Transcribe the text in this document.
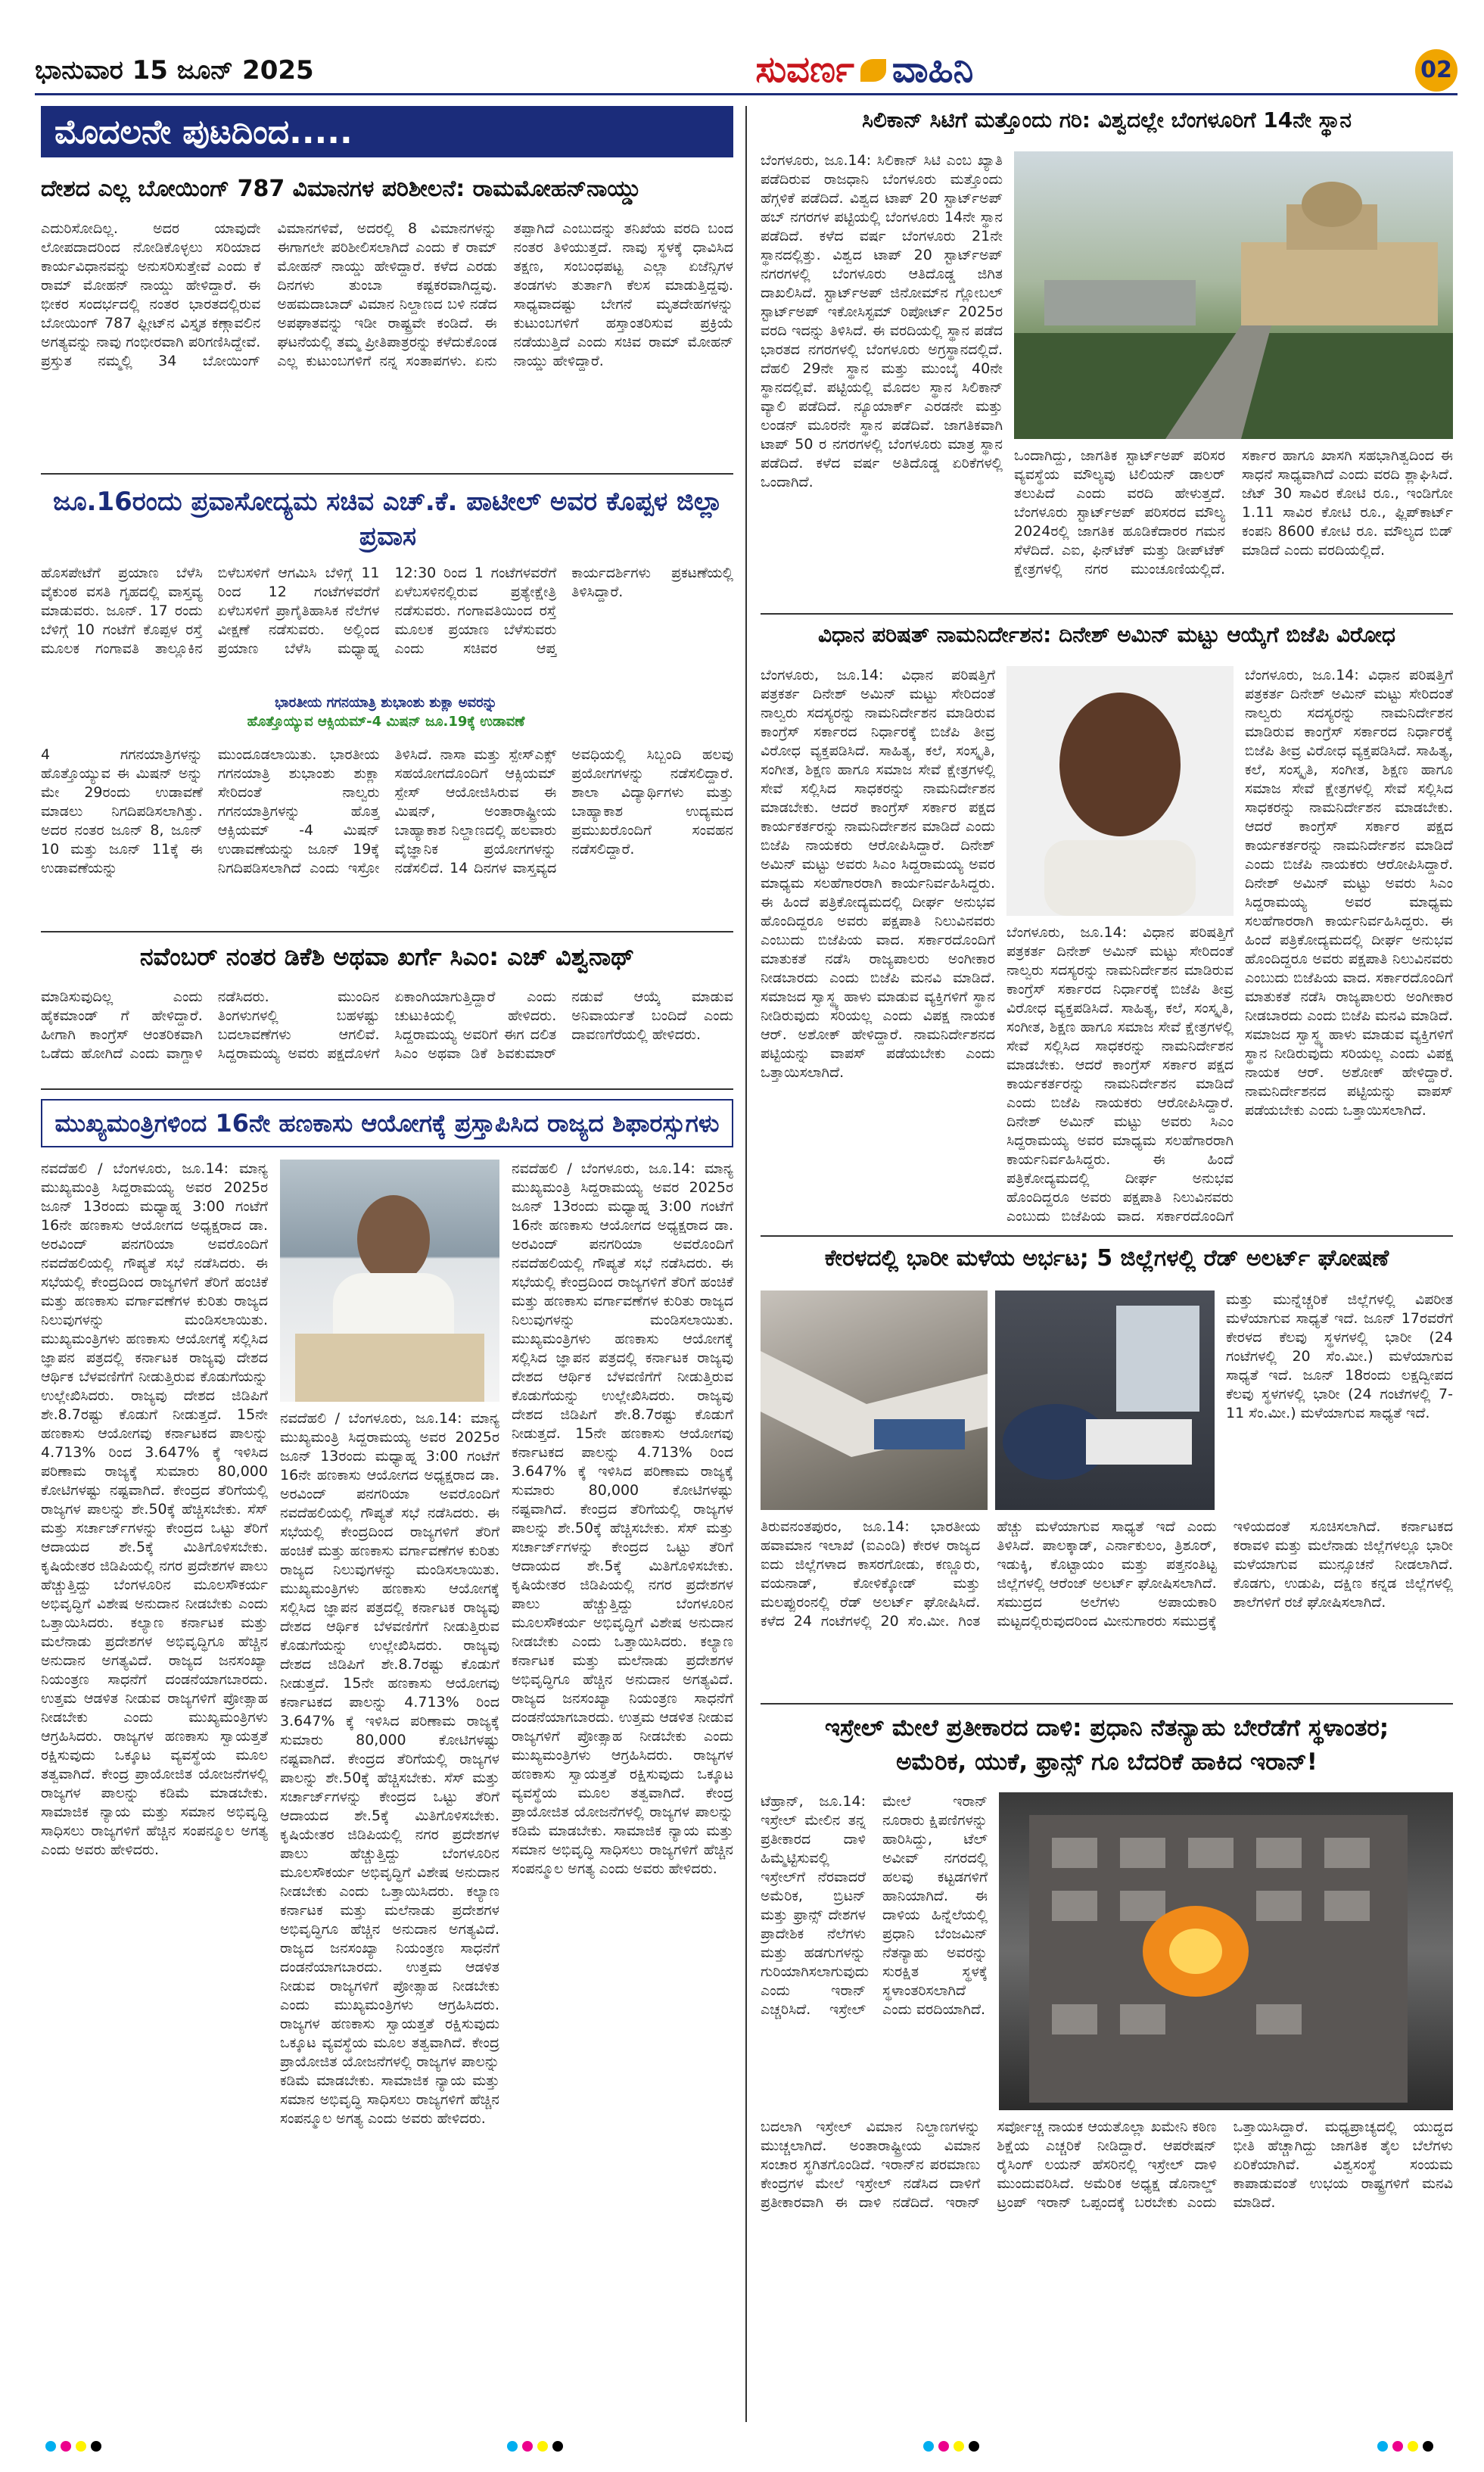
ಭಾನುವಾರ 15 ಜೂನ್ 2025	ಸುವರ್ಣ ವಾಹಿನಿ	02
ಮೊದಲನೇ ಪುಟದಿಂದ.....
ದೇಶದ ಎಲ್ಲ ಬೋಯಿಂಗ್ 787 ವಿಮಾನಗಳ ಪರಿಶೀಲನೆ: ರಾಮಮೋಹನ್‌ನಾಯ್ಡು
ಎದುರಿಸೋದಿಲ್ಲ. ಅದರ ಯಾವುದೇ ಲೋಪದಾದರಿಂದ ನೋಡಿಕೊಳ್ಳಲು ಸರಿಯಾದ ಕಾರ್ಯವಿಧಾನವನ್ನು ಅನುಸರಿಸುತ್ತೇವೆ ಎಂದು ಕೆ ರಾಮ್ ಮೋಹನ್ ನಾಯ್ಡು ಹೇಳಿದ್ದಾರೆ. ಈ ಭೀಕರ ಸಂದರ್ಭದಲ್ಲಿ ನಂತರ ಭಾರತದಲ್ಲಿರುವ ಬೋಯಿಂಗ್ 787 ಫ್ಲೀಟ್‌ನ ವಿಸ್ತೃತ ಕಣ್ಗಾವಲಿನ ಅಗತ್ಯವನ್ನು ನಾವು ಗಂಭೀರವಾಗಿ ಪರಿಗಣಿಸಿದ್ದೇವೆ. ಪ್ರಸ್ತುತ ನಮ್ಮಲ್ಲಿ 34 ಬೋಯಿಂಗ್ ವಿಮಾನಗಳಿವೆ, ಅದರಲ್ಲಿ 8 ವಿಮಾನಗಳನ್ನು ಈಗಾಗಲೇ ಪರಿಶೀಲಿಸಲಾಗಿದೆ ಎಂದು ಕೆ ರಾಮ್ ಮೋಹನ್ ನಾಯ್ಡು ಹೇಳಿದ್ದಾರೆ. ಕಳೆದ ಎರಡು ದಿನಗಳು ತುಂಬಾ ಕಷ್ಟಕರವಾಗಿದ್ದವು. ಅಹಮದಾಬಾದ್ ವಿಮಾನ ನಿಲ್ದಾಣದ ಬಳಿ ನಡೆದ ಅಪಘಾತವನ್ನು ಇಡೀ ರಾಷ್ಟ್ರವೇ ಕಂಡಿದೆ. ಈ ಘಟನೆಯಲ್ಲಿ ತಮ್ಮ ಪ್ರೀತಿಪಾತ್ರರನ್ನು ಕಳೆದುಕೊಂಡ ಎಲ್ಲ ಕುಟುಂಬಗಳಿಗೆ ನನ್ನ ಸಂತಾಪಗಳು. ಏನು ತಪ್ಪಾಗಿದೆ ಎಂಬುದನ್ನು ತನಿಖೆಯ ವರದಿ ಬಂದ ನಂತರ ತಿಳಿಯುತ್ತದೆ. ನಾವು ಸ್ಥಳಕ್ಕೆ ಧಾವಿಸಿದ ತಕ್ಷಣ, ಸಂಬಂಧಪಟ್ಟ ಎಲ್ಲಾ ಏಜೆನ್ಸಿಗಳ ತಂಡಗಳು ತುರ್ತಾಗಿ ಕೆಲಸ ಮಾಡುತ್ತಿದ್ದವು. ಸಾಧ್ಯವಾದಷ್ಟು ಬೇಗನೆ ಮೃತದೇಹಗಳನ್ನು ಕುಟುಂಬಗಳಿಗೆ ಹಸ್ತಾಂತರಿಸುವ ಪ್ರಕ್ರಿಯೆ ನಡೆಯುತ್ತಿದೆ ಎಂದು ಸಚಿವ ರಾಮ್ ಮೋಹನ್ ನಾಯ್ಡು ಹೇಳಿದ್ದಾರೆ.
ಜೂ.16ರಂದು ಪ್ರವಾಸೋದ್ಯಮ ಸಚಿವ ಎಚ್.ಕೆ. ಪಾಟೀಲ್ ಅವರ ಕೊಪ್ಪಳ ಜಿಲ್ಲಾ ಪ್ರವಾಸ
ಹೊಸಪೇಟೆಗೆ ಪ್ರಯಾಣ ಬೆಳೆಸಿ ವೈಕುಂಠ ವಸತಿ ಗೃಹದಲ್ಲಿ ವಾಸ್ತವ್ಯ ಮಾಡುವರು. ಜೂನ್. 17 ರಂದು ಬೆಳಿಗ್ಗೆ 10 ಗಂಟೆಗೆ ಕೊಪ್ಪಳ ರಸ್ತೆ ಮೂಲಕ ಗಂಗಾವತಿ ತಾಲ್ಲೂಕಿನ ಬಿಳೆಬಸಳಿಗೆ ಆಗಮಿಸಿ ಬೆಳಿಗ್ಗೆ 11 ರಿಂದ 12 ಗಂಟೆಗಳವರೆಗೆ ಏಳೆಬಸಳಿಗೆ ಪ್ರಾಗೈತಿಹಾಸಿಕ ನೆಲೆಗಳ ವೀಕ್ಷಣೆ ನಡೆಸುವರು. ಅಲ್ಲಿಂದ ಪ್ರಯಾಣ ಬೆಳೆಸಿ ಮಧ್ಯಾಹ್ನ 12:30 ರಿಂದ 1 ಗಂಟೆಗಳವರೆಗೆ ಏಳೆಬಸಳಿನಲ್ಲಿರುವ ಪ್ರತ್ಯೇಕ್ಷೇತ್ರಿ ನಡೆಸುವರು. ಗಂಗಾವತಿಯಿಂದ ರಸ್ತೆ ಮೂಲಕ ಪ್ರಯಾಣ ಬೆಳೆಸುವರು ಎಂದು ಸಚಿವರ ಆಪ್ತ ಕಾರ್ಯದರ್ಶಿಗಳು ಪ್ರಕಟಣೆಯಲ್ಲಿ ತಿಳಿಸಿದ್ದಾರೆ.
ಭಾರತೀಯ ಗಗನಯಾತ್ರಿ ಶುಭಾಂಶು ಶುಕ್ಲಾ ಅವರನ್ನು
ಹೊತ್ತೊಯ್ಯುವ ಆಕ್ಸಿಯಮ್-4 ಮಿಷನ್ ಜೂ.19ಕ್ಕೆ ಉಡಾವಣೆ
4 ಗಗನಯಾತ್ರಿಗಳನ್ನು ಹೊತ್ತೊಯ್ಯುವ ಈ ಮಿಷನ್ ಅನ್ನು ಮೇ 29ರಂದು ಉಡಾವಣೆ ಮಾಡಲು ನಿಗದಿಪಡಿಸಲಾಗಿತ್ತು. ಅದರ ನಂತರ ಜೂನ್ 8, ಜೂನ್ 10 ಮತ್ತು ಜೂನ್ 11ಕ್ಕೆ ಈ ಉಡಾವಣೆಯನ್ನು ಮುಂದೂಡಲಾಯಿತು. ಭಾರತೀಯ ಗಗನಯಾತ್ರಿ ಶುಭಾಂಶು ಶುಕ್ಲಾ ಸೇರಿದಂತೆ ನಾಲ್ವರು ಗಗನಯಾತ್ರಿಗಳನ್ನು ಹೊತ್ತ ಆಕ್ಸಿಯಮ್ -4 ಮಿಷನ್ ಉಡಾವಣೆಯನ್ನು ಜೂನ್ 19ಕ್ಕೆ ನಿಗದಿಪಡಿಸಲಾಗಿದೆ ಎಂದು ಇಸ್ರೋ ತಿಳಿಸಿದೆ. ನಾಸಾ ಮತ್ತು ಸ್ಪೇಸ್‌ಎಕ್ಸ್ ಸಹಯೋಗದೊಂದಿಗೆ ಆಕ್ಸಿಯಮ್ ಸ್ಪೇಸ್ ಆಯೋಜಿಸಿರುವ ಈ ಮಿಷನ್, ಅಂತಾರಾಷ್ಟ್ರೀಯ ಬಾಹ್ಯಾಕಾಶ ನಿಲ್ದಾಣದಲ್ಲಿ ಹಲವಾರು ವೈಜ್ಞಾನಿಕ ಪ್ರಯೋಗಗಳನ್ನು ನಡೆಸಲಿದೆ. 14 ದಿನಗಳ ವಾಸ್ತವ್ಯದ ಅವಧಿಯಲ್ಲಿ ಸಿಬ್ಬಂದಿ ಹಲವು ಪ್ರಯೋಗಗಳನ್ನು ನಡೆಸಲಿದ್ದಾರೆ. ಶಾಲಾ ವಿದ್ಯಾರ್ಥಿಗಳು ಮತ್ತು ಬಾಹ್ಯಾಕಾಶ ಉದ್ಯಮದ ಪ್ರಮುಖರೊಂದಿಗೆ ಸಂವಹನ ನಡೆಸಲಿದ್ದಾರೆ.
ನವೆಂಬರ್ ನಂತರ ಡಿಕೆಶಿ ಅಥವಾ ಖರ್ಗೆ ಸಿಎಂ: ಎಚ್ ವಿಶ್ವನಾಥ್
ಮಾಡಿಸುವುದಿಲ್ಲ ಎಂದು ಹೈಕಮಾಂಡ್ ಗೆ ಹೇಳಿದ್ದಾರೆ. ಹೀಗಾಗಿ ಕಾಂಗ್ರೆಸ್ ಆಂತರಿಕವಾಗಿ ಒಡೆದು ಹೋಗಿದೆ ಎಂದು ವಾಗ್ದಾಳಿ ನಡೆಸಿದರು. ಮುಂದಿನ ತಿಂಗಳುಗಳಲ್ಲಿ ಬಹಳಷ್ಟು ಬದಲಾವಣೆಗಳು ಆಗಲಿವೆ. ಸಿದ್ದರಾಮಯ್ಯ ಅವರು ಪಕ್ಷದೊಳಗೆ ಏಕಾಂಗಿಯಾಗುತ್ತಿದ್ದಾರೆ ಎಂದು ಚುಟುಕಿಯಲ್ಲಿ ಹೇಳಿದರು. ಸಿದ್ದರಾಮಯ್ಯ ಅವರಿಗೆ ಈಗ ದಲಿತ ಸಿಎಂ ಅಥವಾ ಡಿಕೆ ಶಿವಕುಮಾರ್ ನಡುವೆ ಆಯ್ಕೆ ಮಾಡುವ ಅನಿವಾರ್ಯತೆ ಬಂದಿದೆ ಎಂದು ದಾವಣಗೆರೆಯಲ್ಲಿ ಹೇಳಿದರು.
ಮುಖ್ಯಮಂತ್ರಿಗಳಿಂದ 16ನೇ ಹಣಕಾಸು ಆಯೋಗಕ್ಕೆ ಪ್ರಸ್ತಾಪಿಸಿದ ರಾಜ್ಯದ ಶಿಫಾರಸ್ಸುಗಳು
ನವದೆಹಲಿ / ಬೆಂಗಳೂರು, ಜೂ.14: ಮಾನ್ಯ ಮುಖ್ಯಮಂತ್ರಿ ಸಿದ್ದರಾಮಯ್ಯ ಅವರ 2025ರ ಜೂನ್ 13ರಂದು ಮಧ್ಯಾಹ್ನ 3:00 ಗಂಟೆಗೆ 16ನೇ ಹಣಕಾಸು ಆಯೋಗದ ಅಧ್ಯಕ್ಷರಾದ ಡಾ. ಅರವಿಂದ್ ಪನಗರಿಯಾ ಅವರೊಂದಿಗೆ ನವದೆಹಲಿಯಲ್ಲಿ ಗೌಪ್ಯತೆ ಸಭೆ ನಡೆಸಿದರು. ಈ ಸಭೆಯಲ್ಲಿ ಕೇಂದ್ರದಿಂದ ರಾಜ್ಯಗಳಿಗೆ ತೆರಿಗೆ ಹಂಚಿಕೆ ಮತ್ತು ಹಣಕಾಸು ವರ್ಗಾವಣೆಗಳ ಕುರಿತು ರಾಜ್ಯದ ನಿಲುವುಗಳನ್ನು ಮಂಡಿಸಲಾಯಿತು. ಮುಖ್ಯಮಂತ್ರಿಗಳು ಹಣಕಾಸು ಆಯೋಗಕ್ಕೆ ಸಲ್ಲಿಸಿದ ಜ್ಞಾಪನ ಪತ್ರದಲ್ಲಿ ಕರ್ನಾಟಕ ರಾಜ್ಯವು ದೇಶದ ಆರ್ಥಿಕ ಬೆಳವಣಿಗೆಗೆ ನೀಡುತ್ತಿರುವ ಕೊಡುಗೆಯನ್ನು ಉಲ್ಲೇಖಿಸಿದರು. ರಾಜ್ಯವು ದೇಶದ ಜಿಡಿಪಿಗೆ ಶೇ.8.7ರಷ್ಟು ಕೊಡುಗೆ ನೀಡುತ್ತದೆ. 15ನೇ ಹಣಕಾಸು ಆಯೋಗವು ಕರ್ನಾಟಕದ ಪಾಲನ್ನು 4.713% ರಿಂದ 3.647% ಕ್ಕೆ ಇಳಿಸಿದ ಪರಿಣಾಮ ರಾಜ್ಯಕ್ಕೆ ಸುಮಾರು 80,000 ಕೋಟಿಗಳಷ್ಟು ನಷ್ಟವಾಗಿದೆ. ಕೇಂದ್ರದ ತೆರಿಗೆಯಲ್ಲಿ ರಾಜ್ಯಗಳ ಪಾಲನ್ನು ಶೇ.50ಕ್ಕೆ ಹೆಚ್ಚಿಸಬೇಕು. ಸೆಸ್ ಮತ್ತು ಸರ್ಚಾರ್ಜ್‌ಗಳನ್ನು ಕೇಂದ್ರದ ಒಟ್ಟು ತೆರಿಗೆ ಆದಾಯದ ಶೇ.5ಕ್ಕೆ ಮಿತಿಗೊಳಿಸಬೇಕು. ಕೃಷಿಯೇತರ ಜಿಡಿಪಿಯಲ್ಲಿ ನಗರ ಪ್ರದೇಶಗಳ ಪಾಲು ಹೆಚ್ಚುತ್ತಿದ್ದು ಬೆಂಗಳೂರಿನ ಮೂಲಸೌಕರ್ಯ ಅಭಿವೃದ್ಧಿಗೆ ವಿಶೇಷ ಅನುದಾನ ನೀಡಬೇಕು ಎಂದು ಒತ್ತಾಯಿಸಿದರು. ಕಲ್ಯಾಣ ಕರ್ನಾಟಕ ಮತ್ತು ಮಲೆನಾಡು ಪ್ರದೇಶಗಳ ಅಭಿವೃದ್ಧಿಗೂ ಹೆಚ್ಚಿನ ಅನುದಾನ ಅಗತ್ಯವಿದೆ. ರಾಜ್ಯದ ಜನಸಂಖ್ಯಾ ನಿಯಂತ್ರಣ ಸಾಧನೆಗೆ ದಂಡನೆಯಾಗಬಾರದು. ಉತ್ತಮ ಆಡಳಿತ ನೀಡುವ ರಾಜ್ಯಗಳಿಗೆ ಪ್ರೋತ್ಸಾಹ ನೀಡಬೇಕು ಎಂದು ಮುಖ್ಯಮಂತ್ರಿಗಳು ಆಗ್ರಹಿಸಿದರು. ರಾಜ್ಯಗಳ ಹಣಕಾಸು ಸ್ವಾಯತ್ತತೆ ರಕ್ಷಿಸುವುದು ಒಕ್ಕೂಟ ವ್ಯವಸ್ಥೆಯ ಮೂಲ ತತ್ವವಾಗಿದೆ. ಕೇಂದ್ರ ಪ್ರಾಯೋಜಿತ ಯೋಜನೆಗಳಲ್ಲಿ ರಾಜ್ಯಗಳ ಪಾಲನ್ನು ಕಡಿಮೆ ಮಾಡಬೇಕು. ಸಾಮಾಜಿಕ ನ್ಯಾಯ ಮತ್ತು ಸಮಾನ ಅಭಿವೃದ್ಧಿ ಸಾಧಿಸಲು ರಾಜ್ಯಗಳಿಗೆ ಹೆಚ್ಚಿನ ಸಂಪನ್ಮೂಲ ಅಗತ್ಯ ಎಂದು ಅವರು ಹೇಳಿದರು.
ನವದೆಹಲಿ / ಬೆಂಗಳೂರು, ಜೂ.14: ಮಾನ್ಯ ಮುಖ್ಯಮಂತ್ರಿ ಸಿದ್ದರಾಮಯ್ಯ ಅವರ 2025ರ ಜೂನ್ 13ರಂದು ಮಧ್ಯಾಹ್ನ 3:00 ಗಂಟೆಗೆ 16ನೇ ಹಣಕಾಸು ಆಯೋಗದ ಅಧ್ಯಕ್ಷರಾದ ಡಾ. ಅರವಿಂದ್ ಪನಗರಿಯಾ ಅವರೊಂದಿಗೆ ನವದೆಹಲಿಯಲ್ಲಿ ಗೌಪ್ಯತೆ ಸಭೆ ನಡೆಸಿದರು. ಈ ಸಭೆಯಲ್ಲಿ ಕೇಂದ್ರದಿಂದ ರಾಜ್ಯಗಳಿಗೆ ತೆರಿಗೆ ಹಂಚಿಕೆ ಮತ್ತು ಹಣಕಾಸು ವರ್ಗಾವಣೆಗಳ ಕುರಿತು ರಾಜ್ಯದ ನಿಲುವುಗಳನ್ನು ಮಂಡಿಸಲಾಯಿತು. ಮುಖ್ಯಮಂತ್ರಿಗಳು ಹಣಕಾಸು ಆಯೋಗಕ್ಕೆ ಸಲ್ಲಿಸಿದ ಜ್ಞಾಪನ ಪತ್ರದಲ್ಲಿ ಕರ್ನಾಟಕ ರಾಜ್ಯವು ದೇಶದ ಆರ್ಥಿಕ ಬೆಳವಣಿಗೆಗೆ ನೀಡುತ್ತಿರುವ ಕೊಡುಗೆಯನ್ನು ಉಲ್ಲೇಖಿಸಿದರು. ರಾಜ್ಯವು ದೇಶದ ಜಿಡಿಪಿಗೆ ಶೇ.8.7ರಷ್ಟು ಕೊಡುಗೆ ನೀಡುತ್ತದೆ. 15ನೇ ಹಣಕಾಸು ಆಯೋಗವು ಕರ್ನಾಟಕದ ಪಾಲನ್ನು 4.713% ರಿಂದ 3.647% ಕ್ಕೆ ಇಳಿಸಿದ ಪರಿಣಾಮ ರಾಜ್ಯಕ್ಕೆ ಸುಮಾರು 80,000 ಕೋಟಿಗಳಷ್ಟು ನಷ್ಟವಾಗಿದೆ. ಕೇಂದ್ರದ ತೆರಿಗೆಯಲ್ಲಿ ರಾಜ್ಯಗಳ ಪಾಲನ್ನು ಶೇ.50ಕ್ಕೆ ಹೆಚ್ಚಿಸಬೇಕು. ಸೆಸ್ ಮತ್ತು ಸರ್ಚಾರ್ಜ್‌ಗಳನ್ನು ಕೇಂದ್ರದ ಒಟ್ಟು ತೆರಿಗೆ ಆದಾಯದ ಶೇ.5ಕ್ಕೆ ಮಿತಿಗೊಳಿಸಬೇಕು. ಕೃಷಿಯೇತರ ಜಿಡಿಪಿಯಲ್ಲಿ ನಗರ ಪ್ರದೇಶಗಳ ಪಾಲು ಹೆಚ್ಚುತ್ತಿದ್ದು ಬೆಂಗಳೂರಿನ ಮೂಲಸೌಕರ್ಯ ಅಭಿವೃದ್ಧಿಗೆ ವಿಶೇಷ ಅನುದಾನ ನೀಡಬೇಕು ಎಂದು ಒತ್ತಾಯಿಸಿದರು. ಕಲ್ಯಾಣ ಕರ್ನಾಟಕ ಮತ್ತು ಮಲೆನಾಡು ಪ್ರದೇಶಗಳ ಅಭಿವೃದ್ಧಿಗೂ ಹೆಚ್ಚಿನ ಅನುದಾನ ಅಗತ್ಯವಿದೆ. ರಾಜ್ಯದ ಜನಸಂಖ್ಯಾ ನಿಯಂತ್ರಣ ಸಾಧನೆಗೆ ದಂಡನೆಯಾಗಬಾರದು. ಉತ್ತಮ ಆಡಳಿತ ನೀಡುವ ರಾಜ್ಯಗಳಿಗೆ ಪ್ರೋತ್ಸಾಹ ನೀಡಬೇಕು ಎಂದು ಮುಖ್ಯಮಂತ್ರಿಗಳು ಆಗ್ರಹಿಸಿದರು. ರಾಜ್ಯಗಳ ಹಣಕಾಸು ಸ್ವಾಯತ್ತತೆ ರಕ್ಷಿಸುವುದು ಒಕ್ಕೂಟ ವ್ಯವಸ್ಥೆಯ ಮೂಲ ತತ್ವವಾಗಿದೆ. ಕೇಂದ್ರ ಪ್ರಾಯೋಜಿತ ಯೋಜನೆಗಳಲ್ಲಿ ರಾಜ್ಯಗಳ ಪಾಲನ್ನು ಕಡಿಮೆ ಮಾಡಬೇಕು. ಸಾಮಾಜಿಕ ನ್ಯಾಯ ಮತ್ತು ಸಮಾನ ಅಭಿವೃದ್ಧಿ ಸಾಧಿಸಲು ರಾಜ್ಯಗಳಿಗೆ ಹೆಚ್ಚಿನ ಸಂಪನ್ಮೂಲ ಅಗತ್ಯ ಎಂದು ಅವರು ಹೇಳಿದರು.
ನವದೆಹಲಿ / ಬೆಂಗಳೂರು, ಜೂ.14: ಮಾನ್ಯ ಮುಖ್ಯಮಂತ್ರಿ ಸಿದ್ದರಾಮಯ್ಯ ಅವರ 2025ರ ಜೂನ್ 13ರಂದು ಮಧ್ಯಾಹ್ನ 3:00 ಗಂಟೆಗೆ 16ನೇ ಹಣಕಾಸು ಆಯೋಗದ ಅಧ್ಯಕ್ಷರಾದ ಡಾ. ಅರವಿಂದ್ ಪನಗರಿಯಾ ಅವರೊಂದಿಗೆ ನವದೆಹಲಿಯಲ್ಲಿ ಗೌಪ್ಯತೆ ಸಭೆ ನಡೆಸಿದರು. ಈ ಸಭೆಯಲ್ಲಿ ಕೇಂದ್ರದಿಂದ ರಾಜ್ಯಗಳಿಗೆ ತೆರಿಗೆ ಹಂಚಿಕೆ ಮತ್ತು ಹಣಕಾಸು ವರ್ಗಾವಣೆಗಳ ಕುರಿತು ರಾಜ್ಯದ ನಿಲುವುಗಳನ್ನು ಮಂಡಿಸಲಾಯಿತು. ಮುಖ್ಯಮಂತ್ರಿಗಳು ಹಣಕಾಸು ಆಯೋಗಕ್ಕೆ ಸಲ್ಲಿಸಿದ ಜ್ಞಾಪನ ಪತ್ರದಲ್ಲಿ ಕರ್ನಾಟಕ ರಾಜ್ಯವು ದೇಶದ ಆರ್ಥಿಕ ಬೆಳವಣಿಗೆಗೆ ನೀಡುತ್ತಿರುವ ಕೊಡುಗೆಯನ್ನು ಉಲ್ಲೇಖಿಸಿದರು. ರಾಜ್ಯವು ದೇಶದ ಜಿಡಿಪಿಗೆ ಶೇ.8.7ರಷ್ಟು ಕೊಡುಗೆ ನೀಡುತ್ತದೆ. 15ನೇ ಹಣಕಾಸು ಆಯೋಗವು ಕರ್ನಾಟಕದ ಪಾಲನ್ನು 4.713% ರಿಂದ 3.647% ಕ್ಕೆ ಇಳಿಸಿದ ಪರಿಣಾಮ ರಾಜ್ಯಕ್ಕೆ ಸುಮಾರು 80,000 ಕೋಟಿಗಳಷ್ಟು ನಷ್ಟವಾಗಿದೆ. ಕೇಂದ್ರದ ತೆರಿಗೆಯಲ್ಲಿ ರಾಜ್ಯಗಳ ಪಾಲನ್ನು ಶೇ.50ಕ್ಕೆ ಹೆಚ್ಚಿಸಬೇಕು. ಸೆಸ್ ಮತ್ತು ಸರ್ಚಾರ್ಜ್‌ಗಳನ್ನು ಕೇಂದ್ರದ ಒಟ್ಟು ತೆರಿಗೆ ಆದಾಯದ ಶೇ.5ಕ್ಕೆ ಮಿತಿಗೊಳಿಸಬೇಕು. ಕೃಷಿಯೇತರ ಜಿಡಿಪಿಯಲ್ಲಿ ನಗರ ಪ್ರದೇಶಗಳ ಪಾಲು ಹೆಚ್ಚುತ್ತಿದ್ದು ಬೆಂಗಳೂರಿನ ಮೂಲಸೌಕರ್ಯ ಅಭಿವೃದ್ಧಿಗೆ ವಿಶೇಷ ಅನುದಾನ ನೀಡಬೇಕು ಎಂದು ಒತ್ತಾಯಿಸಿದರು. ಕಲ್ಯಾಣ ಕರ್ನಾಟಕ ಮತ್ತು ಮಲೆನಾಡು ಪ್ರದೇಶಗಳ ಅಭಿವೃದ್ಧಿಗೂ ಹೆಚ್ಚಿನ ಅನುದಾನ ಅಗತ್ಯವಿದೆ. ರಾಜ್ಯದ ಜನಸಂಖ್ಯಾ ನಿಯಂತ್ರಣ ಸಾಧನೆಗೆ ದಂಡನೆಯಾಗಬಾರದು. ಉತ್ತಮ ಆಡಳಿತ ನೀಡುವ ರಾಜ್ಯಗಳಿಗೆ ಪ್ರೋತ್ಸಾಹ ನೀಡಬೇಕು ಎಂದು ಮುಖ್ಯಮಂತ್ರಿಗಳು ಆಗ್ರಹಿಸಿದರು. ರಾಜ್ಯಗಳ ಹಣಕಾಸು ಸ್ವಾಯತ್ತತೆ ರಕ್ಷಿಸುವುದು ಒಕ್ಕೂಟ ವ್ಯವಸ್ಥೆಯ ಮೂಲ ತತ್ವವಾಗಿದೆ. ಕೇಂದ್ರ ಪ್ರಾಯೋಜಿತ ಯೋಜನೆಗಳಲ್ಲಿ ರಾಜ್ಯಗಳ ಪಾಲನ್ನು ಕಡಿಮೆ ಮಾಡಬೇಕು. ಸಾಮಾಜಿಕ ನ್ಯಾಯ ಮತ್ತು ಸಮಾನ ಅಭಿವೃದ್ಧಿ ಸಾಧಿಸಲು ರಾಜ್ಯಗಳಿಗೆ ಹೆಚ್ಚಿನ ಸಂಪನ್ಮೂಲ ಅಗತ್ಯ ಎಂದು ಅವರು ಹೇಳಿದರು.
ಸಿಲಿಕಾನ್ ಸಿಟಿಗೆ ಮತ್ತೊಂದು ಗರಿ: ವಿಶ್ವದಲ್ಲೇ ಬೆಂಗಳೂರಿಗೆ 14ನೇ ಸ್ಥಾನ
ಬೆಂಗಳೂರು, ಜೂ.14: ಸಿಲಿಕಾನ್ ಸಿಟಿ ಎಂಬ ಖ್ಯಾತಿ ಪಡೆದಿರುವ ರಾಜಧಾನಿ ಬೆಂಗಳೂರು ಮತ್ತೊಂದು ಹೆಗ್ಗಳಿಕೆ ಪಡೆದಿದೆ. ವಿಶ್ವದ ಟಾಪ್ 20 ಸ್ಟಾರ್ಟ್‌ಅಪ್ ಹಬ್ ನಗರಗಳ ಪಟ್ಟಿಯಲ್ಲಿ ಬೆಂಗಳೂರು 14ನೇ ಸ್ಥಾನ ಪಡೆದಿದೆ. ಕಳೆದ ವರ್ಷ ಬೆಂಗಳೂರು 21ನೇ ಸ್ಥಾನದಲ್ಲಿತ್ತು. ವಿಶ್ವದ ಟಾಪ್ 20 ಸ್ಟಾರ್ಟ್‌ಅಪ್ ನಗರಗಳಲ್ಲಿ ಬೆಂಗಳೂರು ಆತಿದೊಡ್ಡ ಜಿಗಿತ ದಾಖಲಿಸಿದೆ. ಸ್ಟಾರ್ಟ್‌ಅಪ್ ಜಿನೋಮ್‌ನ ಗ್ಲೋಬಲ್ ಸ್ಟಾರ್ಟ್‌ಅಪ್ ಇಕೋಸಿಸ್ಟಮ್ ರಿಪೋರ್ಟ್ 2025ರ ವರದಿ ಇದನ್ನು ತಿಳಿಸಿದೆ. ಈ ವರದಿಯಲ್ಲಿ ಸ್ಥಾನ ಪಡೆದ ಭಾರತದ ನಗರಗಳಲ್ಲಿ ಬೆಂಗಳೂರು ಅಗ್ರಸ್ಥಾನದಲ್ಲಿದೆ. ದೆಹಲಿ 29ನೇ ಸ್ಥಾನ ಮತ್ತು ಮುಂಬೈ 40ನೇ ಸ್ಥಾನದಲ್ಲಿವೆ. ಪಟ್ಟಿಯಲ್ಲಿ ಮೊದಲ ಸ್ಥಾನ ಸಿಲಿಕಾನ್ ವ್ಯಾಲಿ ಪಡೆದಿದೆ. ನ್ಯೂಯಾರ್ಕ್ ಎರಡನೇ ಮತ್ತು ಲಂಡನ್ ಮೂರನೇ ಸ್ಥಾನ ಪಡೆದಿವೆ. ಜಾಗತಿಕವಾಗಿ ಟಾಪ್ 50 ರ ನಗರಗಳಲ್ಲಿ ಬೆಂಗಳೂರು ಮಾತ್ರ ಸ್ಥಾನ ಪಡೆದಿದೆ. ಕಳೆದ ವರ್ಷ ಅತಿದೊಡ್ಡ ಏರಿಕೆಗಳಲ್ಲಿ ಒಂದಾಗಿದೆ.
ಒಂದಾಗಿದ್ದು, ಜಾಗತಿಕ ಸ್ಟಾರ್ಟ್‌ಅಪ್ ಪರಿಸರ ವ್ಯವಸ್ಥೆಯ ಮೌಲ್ಯವು ಟಿಲಿಯನ್ ಡಾಲರ್ ತಲುಪಿದೆ ಎಂದು ವರದಿ ಹೇಳುತ್ತದೆ. ಬೆಂಗಳೂರು ಸ್ಟಾರ್ಟ್‌ಅಪ್ ಪರಿಸರದ ಮೌಲ್ಯ 2024ರಲ್ಲಿ ಜಾಗತಿಕ ಹೂಡಿಕೆದಾರರ ಗಮನ ಸೆಳೆದಿದೆ. ಎಐ, ಫಿನ್‌ಟೆಕ್ ಮತ್ತು ಡೀಪ್‌ಟೆಕ್ ಕ್ಷೇತ್ರಗಳಲ್ಲಿ ನಗರ ಮುಂಚೂಣಿಯಲ್ಲಿದೆ. ಸರ್ಕಾರ ಹಾಗೂ ಖಾಸಗಿ ಸಹಭಾಗಿತ್ವದಿಂದ ಈ ಸಾಧನೆ ಸಾಧ್ಯವಾಗಿದೆ ಎಂದು ವರದಿ ಶ್ಲಾಘಿಸಿದೆ. ಜೆಟ್ 30 ಸಾವಿರ ಕೋಟಿ ರೂ., ಇಂಡಿಗೋ 1.11 ಸಾವಿರ ಕೋಟಿ ರೂ., ಫ್ಲಿಪ್‌ಕಾರ್ಟ್ ಕಂಪನಿ 8600 ಕೋಟಿ ರೂ. ಮೌಲ್ಯದ ಬಿಡ್ ಮಾಡಿದೆ ಎಂದು ವರದಿಯಲ್ಲಿದೆ.
ವಿಧಾನ ಪರಿಷತ್ ನಾಮನಿರ್ದೇಶನ: ದಿನೇಶ್ ಅಮಿನ್ ಮಟ್ಟು ಆಯ್ಕೆಗೆ ಬಿಜೆಪಿ ವಿರೋಧ
ಬೆಂಗಳೂರು, ಜೂ.14: ವಿಧಾನ ಪರಿಷತ್ತಿಗೆ ಪತ್ರಕರ್ತ ದಿನೇಶ್ ಅಮಿನ್ ಮಟ್ಟು ಸೇರಿದಂತೆ ನಾಲ್ವರು ಸದಸ್ಯರನ್ನು ನಾಮನಿರ್ದೇಶನ ಮಾಡಿರುವ ಕಾಂಗ್ರೆಸ್ ಸರ್ಕಾರದ ನಿರ್ಧಾರಕ್ಕೆ ಬಿಜೆಪಿ ತೀವ್ರ ವಿರೋಧ ವ್ಯಕ್ತಪಡಿಸಿದೆ. ಸಾಹಿತ್ಯ, ಕಲೆ, ಸಂಸ್ಕೃತಿ, ಸಂಗೀತ, ಶಿಕ್ಷಣ ಹಾಗೂ ಸಮಾಜ ಸೇವೆ ಕ್ಷೇತ್ರಗಳಲ್ಲಿ ಸೇವೆ ಸಲ್ಲಿಸಿದ ಸಾಧಕರನ್ನು ನಾಮನಿರ್ದೇಶನ ಮಾಡಬೇಕು. ಆದರೆ ಕಾಂಗ್ರೆಸ್ ಸರ್ಕಾರ ಪಕ್ಷದ ಕಾರ್ಯಕರ್ತರನ್ನು ನಾಮನಿರ್ದೇಶನ ಮಾಡಿದೆ ಎಂದು ಬಿಜೆಪಿ ನಾಯಕರು ಆರೋಪಿಸಿದ್ದಾರೆ. ದಿನೇಶ್ ಅಮಿನ್ ಮಟ್ಟು ಅವರು ಸಿಎಂ ಸಿದ್ದರಾಮಯ್ಯ ಅವರ ಮಾಧ್ಯಮ ಸಲಹೆಗಾರರಾಗಿ ಕಾರ್ಯನಿರ್ವಹಿಸಿದ್ದರು. ಈ ಹಿಂದೆ ಪತ್ರಿಕೋದ್ಯಮದಲ್ಲಿ ದೀರ್ಘ ಅನುಭವ ಹೊಂದಿದ್ದರೂ ಅವರು ಪಕ್ಷಪಾತಿ ನಿಲುವಿನವರು ಎಂಬುದು ಬಿಜೆಪಿಯ ವಾದ. ಸರ್ಕಾರದೊಂದಿಗೆ ಮಾತುಕತೆ ನಡೆಸಿ ರಾಜ್ಯಪಾಲರು ಅಂಗೀಕಾರ ನೀಡಬಾರದು ಎಂದು ಬಿಜೆಪಿ ಮನವಿ ಮಾಡಿದೆ. ಸಮಾಜದ ಸ್ವಾಸ್ಥ್ಯ ಹಾಳು ಮಾಡುವ ವ್ಯಕ್ತಿಗಳಿಗೆ ಸ್ಥಾನ ನೀಡಿರುವುದು ಸರಿಯಲ್ಲ ಎಂದು ವಿಪಕ್ಷ ನಾಯಕ ಆರ್. ಅಶೋಕ್ ಹೇಳಿದ್ದಾರೆ. ನಾಮನಿರ್ದೇಶನದ ಪಟ್ಟಿಯನ್ನು ವಾಪಸ್ ಪಡೆಯಬೇಕು ಎಂದು ಒತ್ತಾಯಿಸಲಾಗಿದೆ.
ಬೆಂಗಳೂರು, ಜೂ.14: ವಿಧಾನ ಪರಿಷತ್ತಿಗೆ ಪತ್ರಕರ್ತ ದಿನೇಶ್ ಅಮಿನ್ ಮಟ್ಟು ಸೇರಿದಂತೆ ನಾಲ್ವರು ಸದಸ್ಯರನ್ನು ನಾಮನಿರ್ದೇಶನ ಮಾಡಿರುವ ಕಾಂಗ್ರೆಸ್ ಸರ್ಕಾರದ ನಿರ್ಧಾರಕ್ಕೆ ಬಿಜೆಪಿ ತೀವ್ರ ವಿರೋಧ ವ್ಯಕ್ತಪಡಿಸಿದೆ. ಸಾಹಿತ್ಯ, ಕಲೆ, ಸಂಸ್ಕೃತಿ, ಸಂಗೀತ, ಶಿಕ್ಷಣ ಹಾಗೂ ಸಮಾಜ ಸೇವೆ ಕ್ಷೇತ್ರಗಳಲ್ಲಿ ಸೇವೆ ಸಲ್ಲಿಸಿದ ಸಾಧಕರನ್ನು ನಾಮನಿರ್ದೇಶನ ಮಾಡಬೇಕು. ಆದರೆ ಕಾಂಗ್ರೆಸ್ ಸರ್ಕಾರ ಪಕ್ಷದ ಕಾರ್ಯಕರ್ತರನ್ನು ನಾಮನಿರ್ದೇಶನ ಮಾಡಿದೆ ಎಂದು ಬಿಜೆಪಿ ನಾಯಕರು ಆರೋಪಿಸಿದ್ದಾರೆ. ದಿನೇಶ್ ಅಮಿನ್ ಮಟ್ಟು ಅವರು ಸಿಎಂ ಸಿದ್ದರಾಮಯ್ಯ ಅವರ ಮಾಧ್ಯಮ ಸಲಹೆಗಾರರಾಗಿ ಕಾರ್ಯನಿರ್ವಹಿಸಿದ್ದರು. ಈ ಹಿಂದೆ ಪತ್ರಿಕೋದ್ಯಮದಲ್ಲಿ ದೀರ್ಘ ಅನುಭವ ಹೊಂದಿದ್ದರೂ ಅವರು ಪಕ್ಷಪಾತಿ ನಿಲುವಿನವರು ಎಂಬುದು ಬಿಜೆಪಿಯ ವಾದ. ಸರ್ಕಾರದೊಂದಿಗೆ
ಬೆಂಗಳೂರು, ಜೂ.14: ವಿಧಾನ ಪರಿಷತ್ತಿಗೆ ಪತ್ರಕರ್ತ ದಿನೇಶ್ ಅಮಿನ್ ಮಟ್ಟು ಸೇರಿದಂತೆ ನಾಲ್ವರು ಸದಸ್ಯರನ್ನು ನಾಮನಿರ್ದೇಶನ ಮಾಡಿರುವ ಕಾಂಗ್ರೆಸ್ ಸರ್ಕಾರದ ನಿರ್ಧಾರಕ್ಕೆ ಬಿಜೆಪಿ ತೀವ್ರ ವಿರೋಧ ವ್ಯಕ್ತಪಡಿಸಿದೆ. ಸಾಹಿತ್ಯ, ಕಲೆ, ಸಂಸ್ಕೃತಿ, ಸಂಗೀತ, ಶಿಕ್ಷಣ ಹಾಗೂ ಸಮಾಜ ಸೇವೆ ಕ್ಷೇತ್ರಗಳಲ್ಲಿ ಸೇವೆ ಸಲ್ಲಿಸಿದ ಸಾಧಕರನ್ನು ನಾಮನಿರ್ದೇಶನ ಮಾಡಬೇಕು. ಆದರೆ ಕಾಂಗ್ರೆಸ್ ಸರ್ಕಾರ ಪಕ್ಷದ ಕಾರ್ಯಕರ್ತರನ್ನು ನಾಮನಿರ್ದೇಶನ ಮಾಡಿದೆ ಎಂದು ಬಿಜೆಪಿ ನಾಯಕರು ಆರೋಪಿಸಿದ್ದಾರೆ. ದಿನೇಶ್ ಅಮಿನ್ ಮಟ್ಟು ಅವರು ಸಿಎಂ ಸಿದ್ದರಾಮಯ್ಯ ಅವರ ಮಾಧ್ಯಮ ಸಲಹೆಗಾರರಾಗಿ ಕಾರ್ಯನಿರ್ವಹಿಸಿದ್ದರು. ಈ ಹಿಂದೆ ಪತ್ರಿಕೋದ್ಯಮದಲ್ಲಿ ದೀರ್ಘ ಅನುಭವ ಹೊಂದಿದ್ದರೂ ಅವರು ಪಕ್ಷಪಾತಿ ನಿಲುವಿನವರು ಎಂಬುದು ಬಿಜೆಪಿಯ ವಾದ. ಸರ್ಕಾರದೊಂದಿಗೆ ಮಾತುಕತೆ ನಡೆಸಿ ರಾಜ್ಯಪಾಲರು ಅಂಗೀಕಾರ ನೀಡಬಾರದು ಎಂದು ಬಿಜೆಪಿ ಮನವಿ ಮಾಡಿದೆ. ಸಮಾಜದ ಸ್ವಾಸ್ಥ್ಯ ಹಾಳು ಮಾಡುವ ವ್ಯಕ್ತಿಗಳಿಗೆ ಸ್ಥಾನ ನೀಡಿರುವುದು ಸರಿಯಲ್ಲ ಎಂದು ವಿಪಕ್ಷ ನಾಯಕ ಆರ್. ಅಶೋಕ್ ಹೇಳಿದ್ದಾರೆ. ನಾಮನಿರ್ದೇಶನದ ಪಟ್ಟಿಯನ್ನು ವಾಪಸ್ ಪಡೆಯಬೇಕು ಎಂದು ಒತ್ತಾಯಿಸಲಾಗಿದೆ.
ಕೇರಳದಲ್ಲಿ ಭಾರೀ ಮಳೆಯ ಅರ್ಭಟ; 5 ಜಿಲ್ಲೆಗಳಲ್ಲಿ ರೆಡ್ ಅಲರ್ಟ್ ಘೋಷಣೆ
ಮತ್ತು ಮುನ್ನೆಚ್ಚರಿಕೆ ಜಿಲ್ಲೆಗಳಲ್ಲಿ ವಿಪರೀತ ಮಳೆಯಾಗುವ ಸಾಧ್ಯತೆ ಇದೆ. ಜೂನ್ 17ರವರೆಗೆ ಕೇರಳದ ಕೆಲವು ಸ್ಥಳಗಳಲ್ಲಿ ಭಾರೀ (24 ಗಂಟೆಗಳಲ್ಲಿ 20 ಸೆಂ.ಮೀ.) ಮಳೆಯಾಗುವ ಸಾಧ್ಯತೆ ಇದೆ. ಜೂನ್ 18ರಂದು ಲಕ್ಷದ್ವೀಪದ ಕೆಲವು ಸ್ಥಳಗಳಲ್ಲಿ ಭಾರೀ (24 ಗಂಟೆಗಳಲ್ಲಿ 7-11 ಸೆಂ.ಮೀ.) ಮಳೆಯಾಗುವ ಸಾಧ್ಯತೆ ಇದೆ.
ತಿರುವನಂತಪುರಂ, ಜೂ.14: ಭಾರತೀಯ ಹವಾಮಾನ ಇಲಾಖೆ (ಐಎಂಡಿ) ಕೇರಳ ರಾಜ್ಯದ ಐದು ಜಿಲ್ಲೆಗಳಾದ ಕಾಸರಗೋಡು, ಕಣ್ಣೂರು, ವಯನಾಡ್, ಕೋಳಿಕ್ಕೋಡ್ ಮತ್ತು ಮಲಪ್ಪುರಂನಲ್ಲಿ ರೆಡ್ ಅಲರ್ಟ್ ಘೋಷಿಸಿದೆ. ಕಳೆದ 24 ಗಂಟೆಗಳಲ್ಲಿ 20 ಸೆಂ.ಮೀ. ಗಿಂತ ಹೆಚ್ಚು ಮಳೆಯಾಗುವ ಸಾಧ್ಯತೆ ಇದೆ ಎಂದು ತಿಳಿಸಿದೆ. ಪಾಲಕ್ಕಾಡ್, ಎರ್ನಾಕುಲಂ, ತ್ರಿಶೂರ್, ಇಡುಕ್ಕಿ, ಕೊಟ್ಟಾಯಂ ಮತ್ತು ಪತ್ತನಂತಿಟ್ಟ ಜಿಲ್ಲೆಗಳಲ್ಲಿ ಆರೆಂಜ್ ಅಲರ್ಟ್ ಘೋಷಿಸಲಾಗಿದೆ. ಸಮುದ್ರದ ಅಲೆಗಳು ಅಪಾಯಕಾರಿ ಮಟ್ಟದಲ್ಲಿರುವುದರಿಂದ ಮೀನುಗಾರರು ಸಮುದ್ರಕ್ಕೆ ಇಳಿಯದಂತೆ ಸೂಚಿಸಲಾಗಿದೆ. ಕರ್ನಾಟಕದ ಕರಾವಳಿ ಮತ್ತು ಮಲೆನಾಡು ಜಿಲ್ಲೆಗಳಲ್ಲೂ ಭಾರೀ ಮಳೆಯಾಗುವ ಮುನ್ಸೂಚನೆ ನೀಡಲಾಗಿದೆ. ಕೊಡಗು, ಉಡುಪಿ, ದಕ್ಷಿಣ ಕನ್ನಡ ಜಿಲ್ಲೆಗಳಲ್ಲಿ ಶಾಲೆಗಳಿಗೆ ರಜೆ ಘೋಷಿಸಲಾಗಿದೆ.
ಇಸ್ರೇಲ್ ಮೇಲೆ ಪ್ರತೀಕಾರದ ದಾಳಿ: ಪ್ರಧಾನಿ ನೆತನ್ಯಾಹು ಬೇರೆಡೆಗೆ ಸ್ಥಳಾಂತರ;
ಅಮೆರಿಕ, ಯುಕೆ, ಫ್ರಾನ್ಸ್ ಗೂ ಬೆದರಿಕೆ ಹಾಕಿದ ಇರಾನ್!
ಟೆಹ್ರಾನ್, ಜೂ.14: ಇಸ್ರೇಲ್ ಮೇಲಿನ ತನ್ನ ಪ್ರತೀಕಾರದ ದಾಳಿ ಹಿಮ್ಮೆಟ್ಟಿಸುವಲ್ಲಿ ಇಸ್ರೇಲ್‌ಗೆ ನೆರವಾದರೆ ಅಮೆರಿಕ, ಬ್ರಿಟನ್ ಮತ್ತು ಫ್ರಾನ್ಸ್ ದೇಶಗಳ ಪ್ರಾದೇಶಿಕ ನೆಲೆಗಳು ಮತ್ತು ಹಡಗುಗಳನ್ನು ಗುರಿಯಾಗಿಸಲಾಗುವುದು ಎಂದು ಇರಾನ್ ಎಚ್ಚರಿಸಿದೆ. ಇಸ್ರೇಲ್ ಮೇಲೆ ಇರಾನ್ ನೂರಾರು ಕ್ಷಿಪಣಿಗಳನ್ನು ಹಾರಿಸಿದ್ದು, ಟೆಲ್ ಅವೀವ್ ನಗರದಲ್ಲಿ ಹಲವು ಕಟ್ಟಡಗಳಿಗೆ ಹಾನಿಯಾಗಿದೆ. ಈ ದಾಳಿಯ ಹಿನ್ನೆಲೆಯಲ್ಲಿ ಪ್ರಧಾನಿ ಬೆಂಜಮಿನ್ ನೆತನ್ಯಾಹು ಅವರನ್ನು ಸುರಕ್ಷಿತ ಸ್ಥಳಕ್ಕೆ ಸ್ಥಳಾಂತರಿಸಲಾಗಿದೆ ಎಂದು ವರದಿಯಾಗಿದೆ.
ಬದಲಾಗಿ ಇಸ್ರೇಲ್ ವಿಮಾನ ನಿಲ್ದಾಣಗಳನ್ನು ಮುಚ್ಚಲಾಗಿದೆ. ಅಂತಾರಾಷ್ಟ್ರೀಯ ವಿಮಾನ ಸಂಚಾರ ಸ್ಥಗಿತಗೊಂಡಿದೆ. ಇರಾನ್‌ನ ಪರಮಾಣು ಕೇಂದ್ರಗಳ ಮೇಲೆ ಇಸ್ರೇಲ್ ನಡೆಸಿದ ದಾಳಿಗೆ ಪ್ರತೀಕಾರವಾಗಿ ಈ ದಾಳಿ ನಡೆದಿದೆ. ಇರಾನ್ ಸರ್ವೋಚ್ಚ ನಾಯಕ ಆಯತೊಲ್ಲಾ ಖಮೇನಿ ಕಠಿಣ ಶಿಕ್ಷೆಯ ಎಚ್ಚರಿಕೆ ನೀಡಿದ್ದಾರೆ. ಆಪರೇಷನ್ ರೈಸಿಂಗ್ ಲಯನ್ ಹೆಸರಿನಲ್ಲಿ ಇಸ್ರೇಲ್ ದಾಳಿ ಮುಂದುವರಿಸಿದೆ. ಅಮೆರಿಕ ಅಧ್ಯಕ್ಷ ಡೊನಾಲ್ಡ್ ಟ್ರಂಪ್ ಇರಾನ್ ಒಪ್ಪಂದಕ್ಕೆ ಬರಬೇಕು ಎಂದು ಒತ್ತಾಯಿಸಿದ್ದಾರೆ. ಮಧ್ಯಪ್ರಾಚ್ಯದಲ್ಲಿ ಯುದ್ಧದ ಭೀತಿ ಹೆಚ್ಚಾಗಿದ್ದು ಜಾಗತಿಕ ತೈಲ ಬೆಲೆಗಳು ಏರಿಕೆಯಾಗಿವೆ. ವಿಶ್ವಸಂಸ್ಥೆ ಸಂಯಮ ಕಾಪಾಡುವಂತೆ ಉಭಯ ರಾಷ್ಟ್ರಗಳಿಗೆ ಮನವಿ ಮಾಡಿದೆ.
